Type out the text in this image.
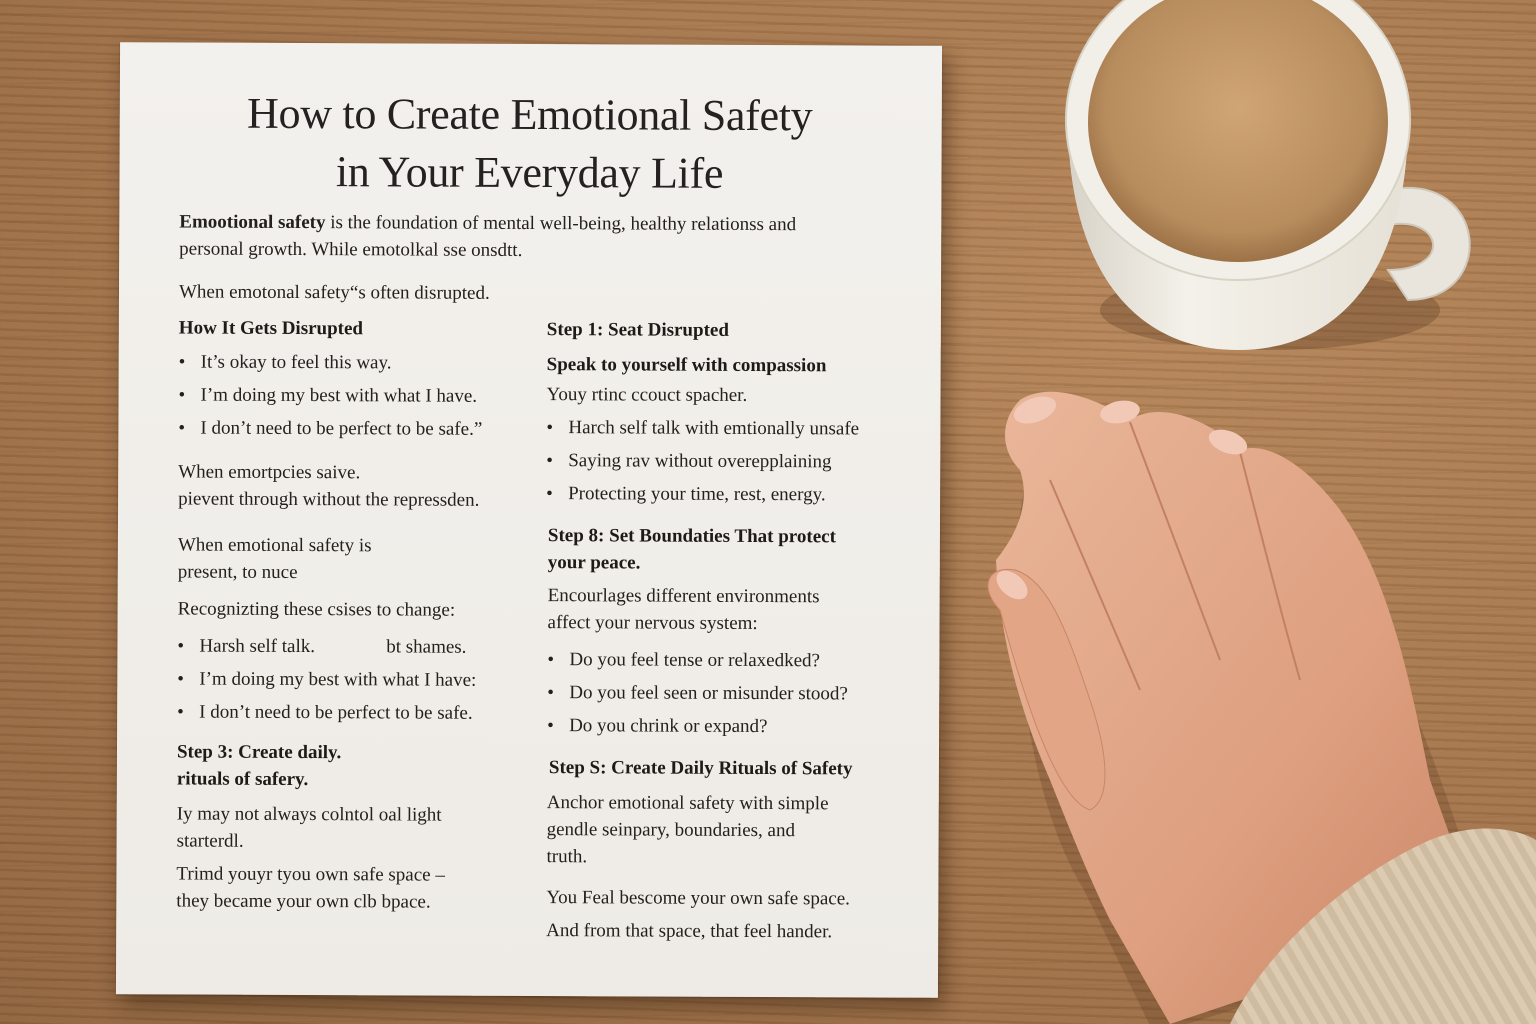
How to Create Emotional Safety
in Your Everyday Life
Emootional safety is the foundation of mental well-being, healthy relationss and
personal growth. While emotolkal sse onsdtt.
When emotonal safety“s often disrupted.
How It Gets Disrupted
• It’s okay to feel this way.
• I’m doing my best with what I have.
• I don’t need to be perfect to be safe.”
When emortpcies saive.
pievent through without the repressden.
When emotional safety is
present, to nuce
Recognizting these csises to change:
• Harsh self talk.               bt shames.
• I’m doing my best with what I have:
• I don’t need to be perfect to be safe.
Step 3: Create daily.
rituals of safery.
Iy may not always colntol oal light
starterdl.
Trimd youyr tyou own safe space –
they became your own clb bpace.
Step 1: Seat Disrupted
Speak to yourself with compassion
Youy rtinc ccouct spacher.
• Harch self talk with emtionally unsafe
• Saying rav without overepplaining
• Protecting your time, rest, energy.
Step 8: Set Boundaties That protect
your peace.
Encourlages different environments
affect your nervous system:
• Do you feel tense or relaxedked?
• Do you feel seen or misunder stood?
• Do you chrink or expand?
Step S: Create Daily Rituals of Safety
Anchor emotional safety with simple
gendle seinpary, boundaries, and
truth.
You Feal bescome your own safe space.
And from that space, that feel hander.
